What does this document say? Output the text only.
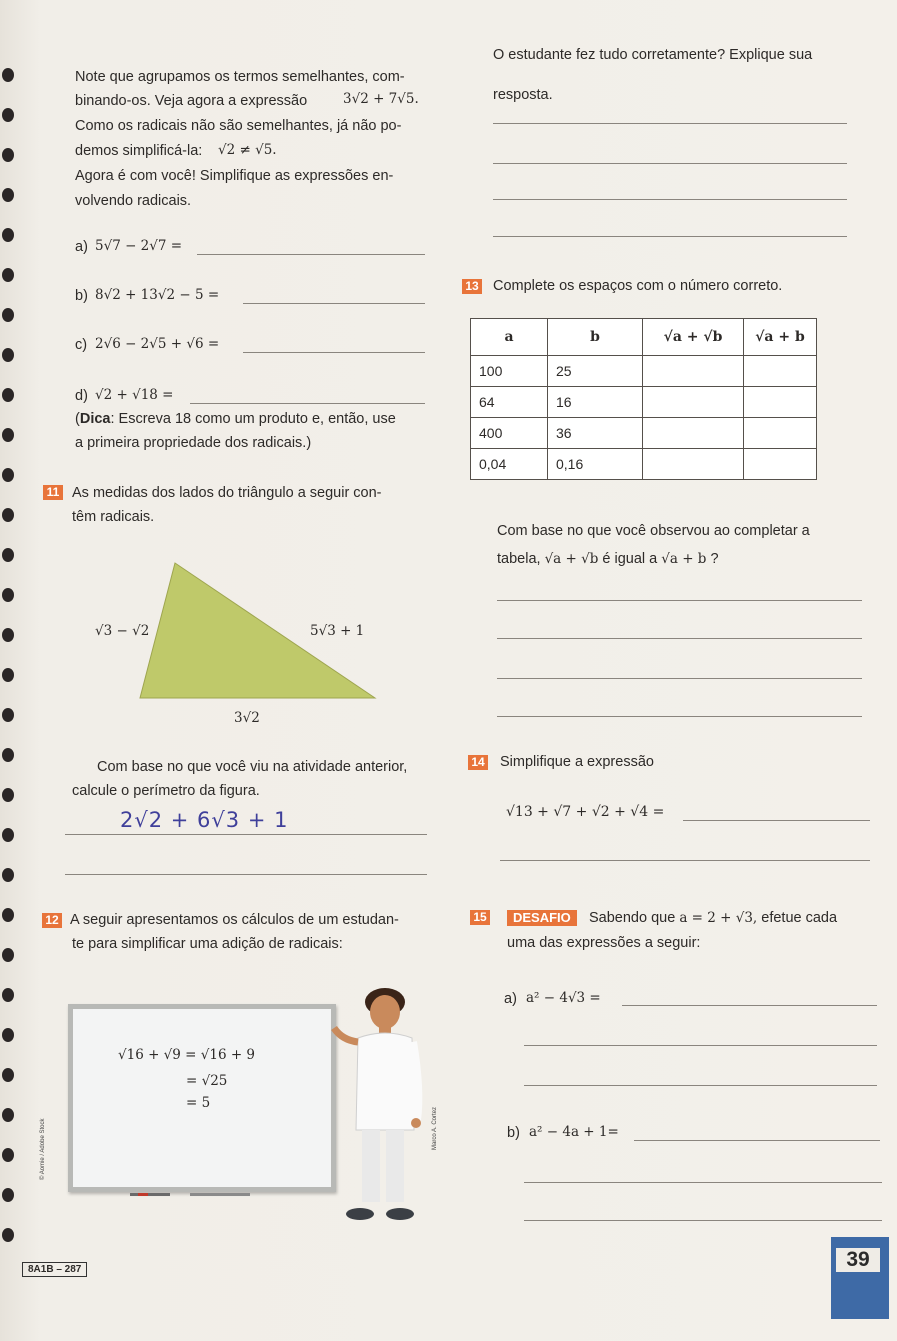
Note que agrupamos os termos semelhantes, com-
binando-os. Veja agora a expressão	3√2 + 7√5.
Como os radicais não são semelhantes, já não po-
demos simplificá-la: √2 ≠ √5.
Agora é com você! Simplifique as expressões en-
volvendo radicais.
a) 5√7 − 2√7 =
b) 8√2 + 13√2 − 5 =
c) 2√6 − 2√5 + √6 =
d) √2 + √18 =
(Dica: Escreva 18 como um produto e, então, use
a primeira propriedade dos radicais.)
11 As medidas dos lados do triângulo a seguir con-
têm radicais.
√3 − √2	5√3 + 1
3√2
Com base no que você viu na atividade anterior,
calcule o perímetro da figura.
2√2 + 6√3 + 1
12 A seguir apresentamos os cálculos de um estudan-
te para simplificar uma adição de radicais:
√16 + √9 = √16 + 9
= √25
= 5
© Aomie / Adobe Stock	Marco A. Cortez
8A1B – 287
O estudante fez tudo corretamente? Explique sua
resposta.
13 Complete os espaços com o número correto.
a	b	√a + √b	√a + b
100	25		
64	16		
400	36		
0,04	0,16		
Com base no que você observou ao completar a
tabela, √a + √b é igual a √a + b ?
14 Simplifique a expressão
√13 + √7 + √2 + √4 =
15	DESAFIO	Sabendo que a = 2 + √3, efetue cada
uma das expressões a seguir:
a) a² − 4√3 =
b) a² − 4a + 1=
39
